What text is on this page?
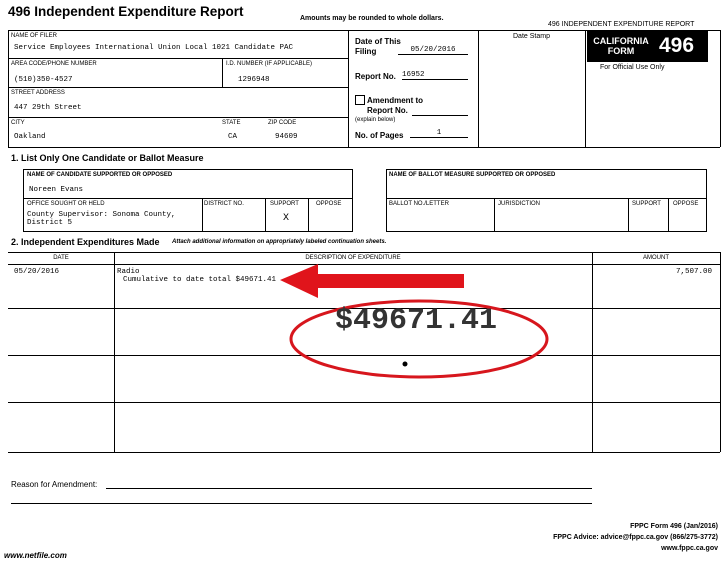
496 Independent Expenditure Report	Amounts may be rounded to whole dollars.
496 INDEPENDENT EXPENDITURE REPORT
NAME OF FILER
Service Employees International Union Local 1021 Candidate PAC
AREA CODE/PHONE NUMBER
(510)350-4527
I.D. NUMBER (IF APPLICABLE)
1296948
STREET ADDRESS
447 29th Street
CITY
Oakland
STATE
CA
ZIP CODE
94609
Date of This Filing	05/20/2016
Report No. 16952
Amendment to Report No.
(explain below)
No. of Pages	1
Date Stamp	CALIFORNIA FORM	496
For Official Use Only
1. List Only One Candidate or Ballot Measure
NAME OF CANDIDATE SUPPORTED OR OPPOSED
Noreen Evans
OFFICE SOUGHT OR HELD
County Supervisor: Sonoma County,
District 5
DISTRICT NO.	SUPPORT
X
OPPOSE
NAME OF BALLOT MEASURE SUPPORTED OR OPPOSED
BALLOT NO./LETTER	JURISDICTION	SUPPORT OPPOSE
2. Independent Expenditures Made Attach additional information on appropriately labeled continuation sheets.
DATE	DESCRIPTION OF EXPENDITURE	AMOUNT
05/20/2016	Radio
Cumulative to date total $49671.41
7,507.00
$49671.41
Reason for Amendment:
FPPC Form 496 (Jan/2016)
FPPC Advice: advice@fppc.ca.gov (866/275-3772)
www.fppc.ca.gov
www.netfile.com
